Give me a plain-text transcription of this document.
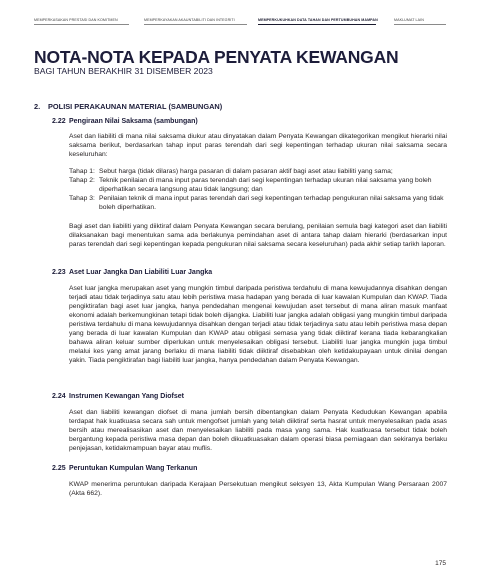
MEMPERKASAKAN PRESTASI DAN KOMITMEN	MEMPERKAYAKAN AKAUNTABILITI DAN INTEGRITI	MEMPERKUKUHKAN DATA TAHAN DAN PERTUMBUHAN MAMPAN	MAKLUMAT LAIN
NOTA-NOTA KEPADA PENYATA KEWANGAN
BAGI TAHUN BERAKHIR 31 DISEMBER 2023
2. POLISI PERAKAUNAN MATERIAL (SAMBUNGAN)
2.22 Pengiraan Nilai Saksama (sambungan)

Aset dan liabiliti di mana nilai saksama diukur atau dinyatakan dalam Penyata Kewangan dikategorikan mengikut hierarki nilai saksama berikut, berdasarkan tahap input paras terendah dari segi kepentingan terhadap ukuran nilai saksama secara keseluruhan:

Tahap 1: Sebut harga (tidak dilaras) harga pasaran di dalam pasaran aktif bagi aset atau liabiliti yang sama;
Tahap 2: Teknik penilaian di mana input paras terendah dari segi kepentingan terhadap ukuran nilai saksama yang boleh diperhatikan secara langsung atau tidak langsung; dan
Tahap 3: Penilaian teknik di mana input paras terendah dari segi kepentingan terhadap pengukuran nilai saksama yang tidak boleh diperhatikan.

Bagi aset dan liabiliti yang diiktiraf dalam Penyata Kewangan secara berulang, penilaian semula bagi kategori aset dan liabiliti dilaksanakan bagi menentukan sama ada berlakunya pemindahan aset di antara tahap dalam hierarki (berdasarkan input paras terendah dari segi kepentingan kepada pengukuran nilai saksama secara keseluruhan) pada akhir setiap tarikh laporan.

2.23 Aset Luar Jangka Dan Liabiliti Luar Jangka

Aset luar jangka merupakan aset yang mungkin timbul daripada peristiwa terdahulu di mana kewujudannya disahkan dengan terjadi atau tidak terjadinya satu atau lebih peristiwa masa hadapan yang berada di luar kawalan Kumpulan dan KWAP. Tiada pengiktirafan bagi aset luar jangka, hanya pendedahan mengenai kewujudan aset tersebut di mana aliran masuk manfaat ekonomi adalah berkemungkinan tetapi tidak boleh dijangka. Liabiliti luar jangka adalah obligasi yang mungkin timbul daripada peristiwa terdahulu di mana kewujudannya disahkan dengan terjadi atau tidak terjadinya satu atau lebih peristiwa masa depan yang berada di luar kawalan Kumpulan dan KWAP atau obligasi semasa yang tidak diiktiraf kerana tiada kebarangkalian bahawa aliran keluar sumber diperlukan untuk menyelesaikan obligasi tersebut. Liabiliti luar jangka mungkin juga timbul melalui kes yang amat jarang berlaku di mana liabiliti tidak diiktiraf disebabkan oleh ketidakupayaan untuk dinilai dengan yakin. Tiada pengiktirafan bagi liabiliti luar jangka, hanya pendedahan dalam Penyata Kewangan.

2.24 Instrumen Kewangan Yang Diofset

Aset dan liabiliti kewangan diofset di mana jumlah bersih dibentangkan dalam Penyata Kedudukan Kewangan apabila terdapat hak kuatkuasa secara sah untuk mengofset jumlah yang telah diiktiraf serta hasrat untuk menyelesaikan pada asas bersih atau merealisasikan aset dan menyelesaikan liabiliti pada masa yang sama. Hak kuatkuasa tersebut tidak boleh bergantung kepada peristiwa masa depan dan boleh dikuatkuasakan dalam operasi biasa perniagaan dan sekiranya berlaku penjejasan, ketidakmampuan bayar atau muflis.

2.25 Peruntukan Kumpulan Wang Terkanun

KWAP menerima peruntukan daripada Kerajaan Persekutuan mengikut seksyen 13, Akta Kumpulan Wang Persaraan 2007 (Akta 662).

175
